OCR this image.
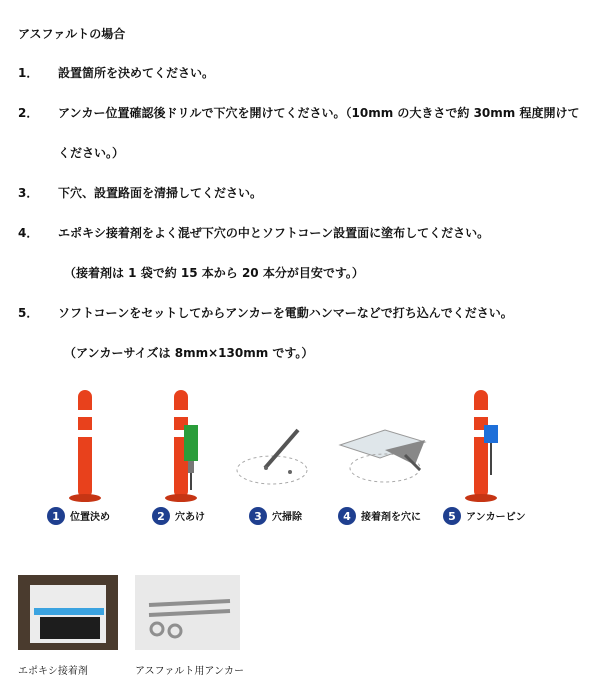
アスファルトの場合
1． 設置箇所を決めてください。
2． アンカー位置確認後ドリルで下穴を開けてください。（10mm の大きさで約 30mm 程度開けて
ください。）
3． 下穴、設置路面を清掃してください。
4． エポキシ接着剤をよく混ぜ下穴の中とソフトコーン設置面に塗布してください。
（接着剤は 1 袋で約 15 本から 20 本分が目安です。）
5． ソフトコーンをセットしてからアンカーを電動ハンマーなどで打ち込んでください。
（アンカーサイズは 8mm×130mm です。）
1 位置決め	2 穴あけ	3 穴掃除	4 接着剤を穴に 5 アンカーピン
エポキシ接着剤	アスファルト用アンカー
